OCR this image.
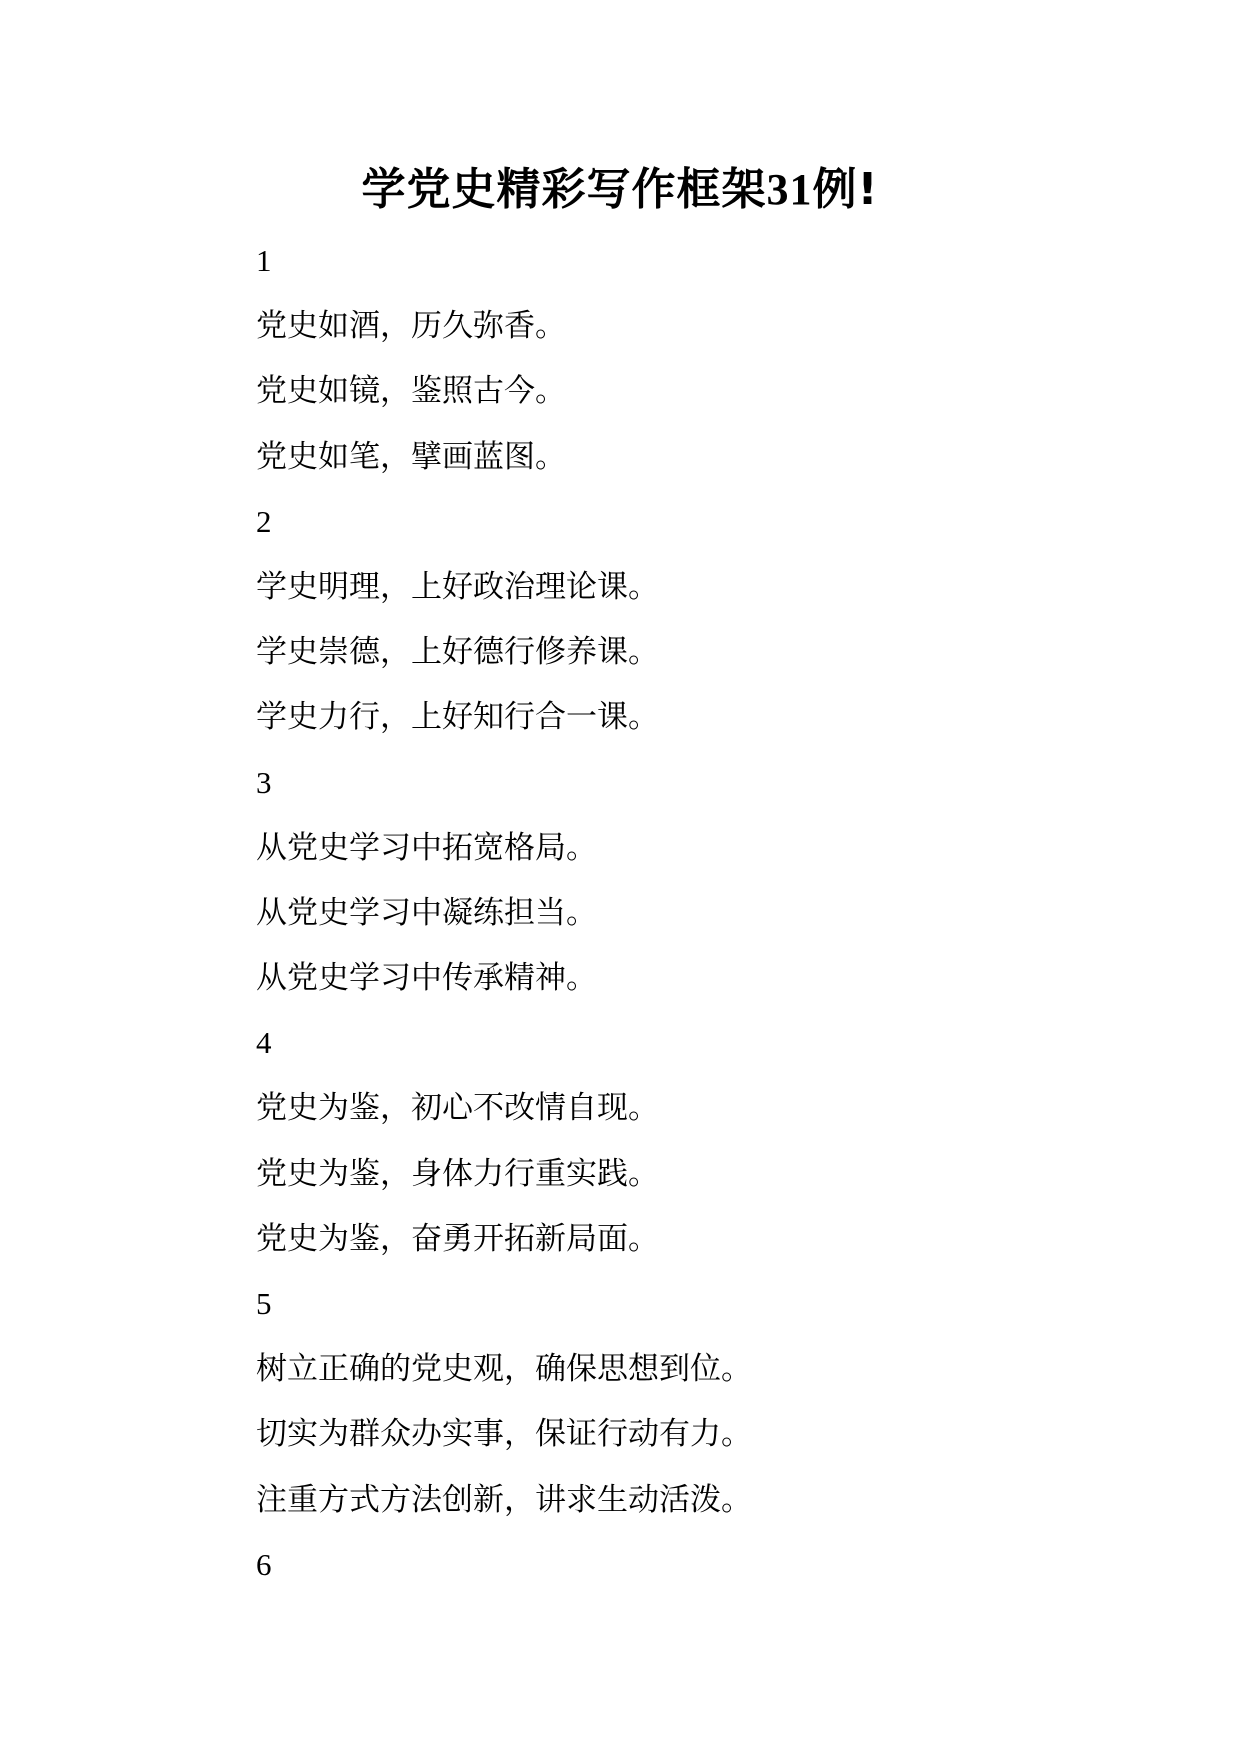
学党史精彩写作框架31例!
1
党史如酒，历久弥香。
党史如镜，鉴照古今。
党史如笔，擘画蓝图。
2
学史明理，上好政治理论课。
学史崇德，上好德行修养课。
学史力行，上好知行合一课。
3
从党史学习中拓宽格局。
从党史学习中凝练担当。
从党史学习中传承精神。
4
党史为鉴，初心不改情自现。
党史为鉴，身体力行重实践。
党史为鉴，奋勇开拓新局面。
5
树立正确的党史观，确保思想到位。
切实为群众办实事，保证行动有力。
注重方式方法创新，讲求生动活泼。
6
